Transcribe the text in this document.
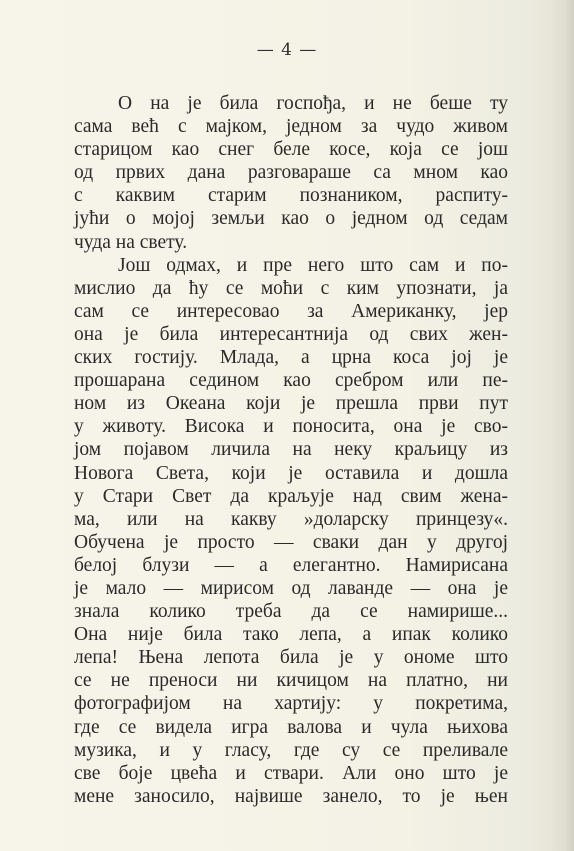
— 4 —

О на је била госпођа, и не беше ту
сама већ с мајком, једном за чудо живом
старицом као снег беле косе, која се још
од првих дана разговараше са мном као
с каквим старим познаником, распиту-
јући о мојој земљи као о једном од седам
чуда на свету.

Још одмах, и пре него што сам и по-
мислио да ћу се моћи с ким упознати, ја
сам се интересовао за Американку, јер
она је била интересантнија од свих жен-
ских гостију. Млада, а црна коса јој је
прошарана седином као сребром или пе-
ном из Океана који је прешла први пут
у животу. Висока и поносита, она је сво-
јом појавом личила на неку краљицу из
Новога Света, који је оставила и дошла
у Стари Свет да краљује над свим жена-
ма, или на какву »доларску принцезу«.
Обучена је просто — сваки дан у другој
белој блузи — а елегантно. Намирисана
је мало — мирисом од лаванде — она је
знала колико треба да се намирише...
Она није била тако лепа, а ипак колико
лепа! Њена лепота била је у ономе што
се не преноси ни кичицом на платно, ни
фотографијом на хартију: у покретима,
где се видела игра валова и чула њихова
музика, и у гласу, где су се преливале
све боје цвећа и ствари. Али оно што је
мене заносило, највише занело, то је њен
